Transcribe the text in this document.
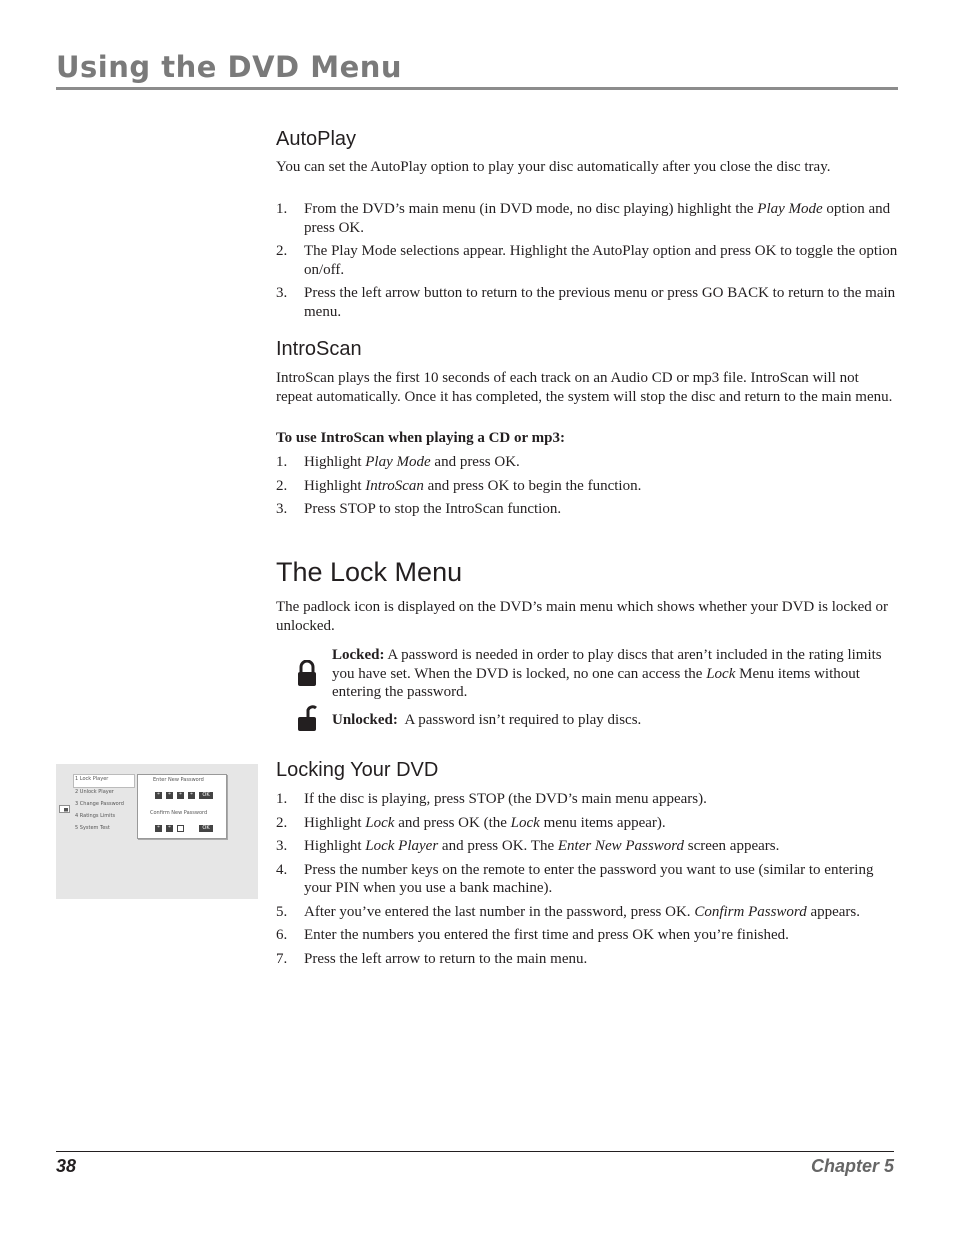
Using the DVD Menu
AutoPlay

You can set the AutoPlay option to play your disc automatically after you close the disc tray.

1. From the DVD’s main menu (in DVD mode, no disc playing) highlight the Play Mode option and press OK.
2. The Play Mode selections appear. Highlight the AutoPlay option and press OK to toggle the option on/off.
3. Press the left arrow button to return to the previous menu or press GO BACK to return to the main menu.
IntroScan

IntroScan plays the first 10 seconds of each track on an Audio CD or mp3 file. IntroScan will not repeat automatically. Once it has completed, the system will stop the disc and return to the main menu.

To use IntroScan when playing a CD or mp3:

1. Highlight Play Mode and press OK.
2. Highlight IntroScan and press OK to begin the function.
3. Press STOP to stop the IntroScan function.
The Lock Menu

The padlock icon is displayed on the DVD’s main menu which shows whether your DVD is locked or unlocked.

Locked: A password is needed in order to play discs that aren’t included in the rating limits you have set. When the DVD is locked, no one can access the Lock Menu items without entering the password.
Unlocked:  A password isn’t required to play discs.
1 Lock Player
2 Unlock Player
3 Change Password
4 Ratings Limits
5 System Test
Enter New Password
* * * * OK
Confirm New Password
* *	OK
Locking Your DVD
1. If the disc is playing, press STOP (the DVD’s main menu appears).
2. Highlight Lock and press OK (the Lock menu items appear).
3. Highlight Lock Player and press OK. The Enter New Password screen appears.
4. Press the number keys on the remote to enter the password you want to use (similar to entering your PIN when you use a bank machine).
5. After you’ve entered the last number in the password, press OK. Confirm Password appears.
6. Enter the numbers you entered the first time and press OK when you’re finished.
7. Press the left arrow to return to the main menu.
38	Chapter 5
